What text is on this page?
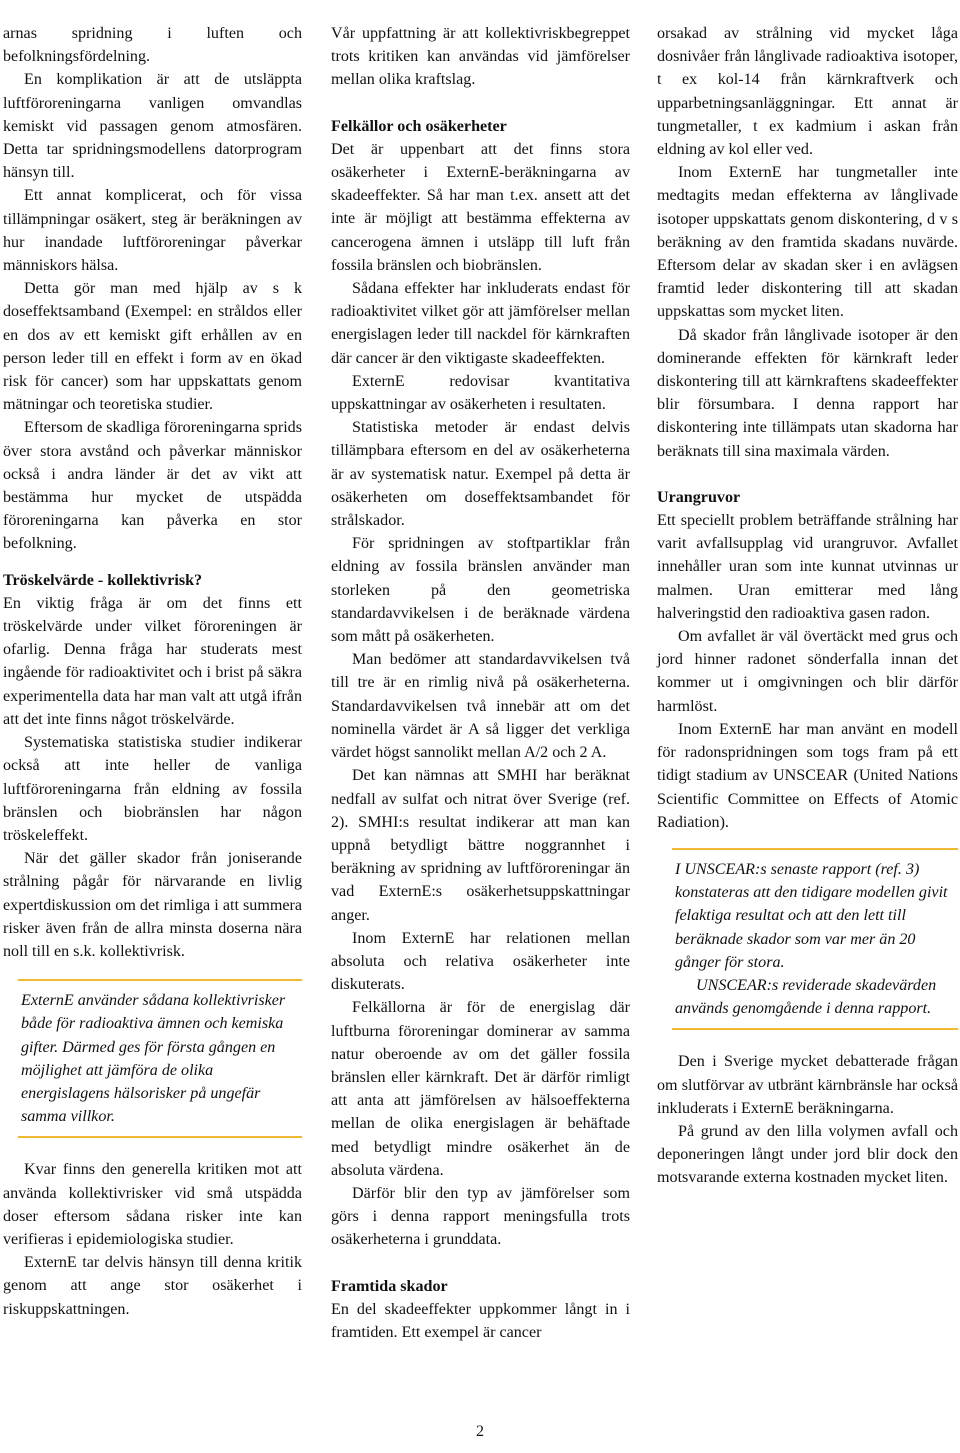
arnas spridning i luften och befolkningsfördelning.

En komplikation är att de utsläppta luftföroreningarna vanligen omvandlas kemiskt vid passagen genom atmosfären. Detta tar spridningsmodellens datorprogram hänsyn till.

Ett annat komplicerat, och för vissa tillämpningar osäkert, steg är beräkningen av hur inandade luftföroreningar påverkar människors hälsa.

Detta gör man med hjälp av s k doseffektsamband (Exempel: en stråldos eller en dos av ett kemiskt gift erhållen av en person leder till en effekt i form av en ökad risk för cancer) som har uppskattats genom mätningar och teoretiska studier.

Eftersom de skadliga föroreningarna sprids över stora avstånd och påverkar människor också i andra länder är det av vikt att bestämma hur mycket de utspädda föroreningarna kan påverka en stor befolkning.

Tröskelvärde - kollektivrisk?

En viktig fråga är om det finns ett tröskelvärde under vilket föroreningen är ofarlig. Denna fråga har studerats mest ingående för radioaktivitet och i brist på säkra experimentella data har man valt att utgå ifrån att det inte finns något tröskelvärde.

Systematiska statistiska studier indikerar också att inte heller de vanliga luftföroreningarna från eldning av fossila bränslen och biobränslen har någon tröskeleffekt.

När det gäller skador från joniserande strålning pågår för närvarande en livlig expertdiskussion om det rimliga i att summera risker även från de allra minsta doserna nära noll till en s.k. kollektivrisk.

ExternE använder sådana kollektivrisker både för radioaktiva ämnen och kemiska gifter. Därmed ges för första gången en möjlighet att jämföra de olika energislagens hälsorisker på ungefär samma villkor.

Kvar finns den generella kritiken mot att använda kollektivrisker vid små utspädda doser eftersom sådana risker inte kan verifieras i epidemiologiska studier.

ExternE tar delvis hänsyn till denna kritik genom att ange stor osäkerhet i riskuppskattningen.

Vår uppfattning är att kollektivriskbegreppet trots kritiken kan användas vid jämförelser mellan olika kraftslag.

Felkällor och osäkerheter

Det är uppenbart att det finns stora osäkerheter i ExternE-beräkningarna av skadeeffekter. Så har man t.ex. ansett att det inte är möjligt att bestämma effekterna av cancerogena ämnen i utsläpp till luft från fossila bränslen och biobränslen.

Sådana effekter har inkluderats endast för radioaktivitet vilket gör att jämförelser mellan energislagen leder till nackdel för kärnkraften där cancer är den viktigaste skadeeffekten.

ExternE redovisar kvantitativa uppskattningar av osäkerheten i resultaten.

Statistiska metoder är endast delvis tillämpbara eftersom en del av osäkerheterna är av systematisk natur. Exempel på detta är osäkerheten om doseffektsambandet för strålskador.

För spridningen av stoftpartiklar från eldning av fossila bränslen använder man storleken på den geometriska standardavvikelsen i de beräknade värdena som mått på osäkerheten.

Man bedömer att standardavvikelsen två till tre är en rimlig nivå på osäkerheterna. Standardavvikelsen två innebär att om det nominella värdet är A så ligger det verkliga värdet högst sannolikt mellan A/2 och 2 A.

Det kan nämnas att SMHI har beräknat nedfall av sulfat och nitrat över Sverige (ref. 2). SMHI:s resultat indikerar att man kan uppnå betydligt bättre noggrannhet i beräkning av spridning av luftföroreningar än vad ExternE:s osäkerhetsuppskattningar anger.

Inom ExternE har relationen mellan absoluta och relativa osäkerheter inte diskuterats.

Felkällorna är för de energislag där luftburna föroreningar dominerar av samma natur oberoende av om det gäller fossila bränslen eller kärnkraft. Det är därför rimligt att anta att jämförelsen av hälsoeffekterna mellan de olika energislagen är behäftade med betydligt mindre osäkerhet än de absoluta värdena.

Därför blir den typ av jämförelser som görs i denna rapport meningsfulla trots osäkerheterna i grunddata.

Framtida skador

En del skadeeffekter uppkommer långt in i framtiden. Ett exempel är cancer

orsakad av strålning vid mycket låga dosnivåer från långlivade radioaktiva isotoper, t ex kol-14 från kärnkraftverk och upparbetningsanläggningar. Ett annat är tungmetaller, t ex kadmium i askan från eldning av kol eller ved.

Inom ExternE har tungmetaller inte medtagits medan effekterna av långlivade isotoper uppskattats genom diskontering, d v s beräkning av den framtida skadans nuvärde. Eftersom delar av skadan sker i en avlägsen framtid leder diskontering till att skadan uppskattas som mycket liten.

Då skador från långlivade isotoper är den dominerande effekten för kärnkraft leder diskontering till att kärnkraftens skadeeffekter blir försumbara. I denna rapport har diskontering inte tillämpats utan skadorna har beräknats till sina maximala värden.

Urangruvor

Ett speciellt problem beträffande strålning har varit avfallsupplag vid urangruvor. Avfallet innehåller uran som inte kunnat utvinnas ur malmen. Uran emitterar med lång halveringstid den radioaktiva gasen radon.

Om avfallet är väl övertäckt med grus och jord hinner radonet sönderfalla innan det kommer ut i omgivningen och blir därför harmlöst.

Inom ExternE har man använt en modell för radonspridningen som togs fram på ett tidigt stadium av UNSCEAR (United Nations Scientific Committee on Effects of Atomic Radiation).

I UNSCEAR:s senaste rapport (ref. 3) konstateras att den tidigare modellen givit felaktiga resultat och att den lett till beräknade skador som var mer än 20 gånger för stora.

UNSCEAR:s reviderade skadevärden används genomgående i denna rapport.

Den i Sverige mycket debatterade frågan om slutförvar av utbränt kärnbränsle har också inkluderats i ExternE beräkningarna.

På grund av den lilla volymen avfall och deponeringen långt under jord blir dock den motsvarande externa kostnaden mycket liten.

2
